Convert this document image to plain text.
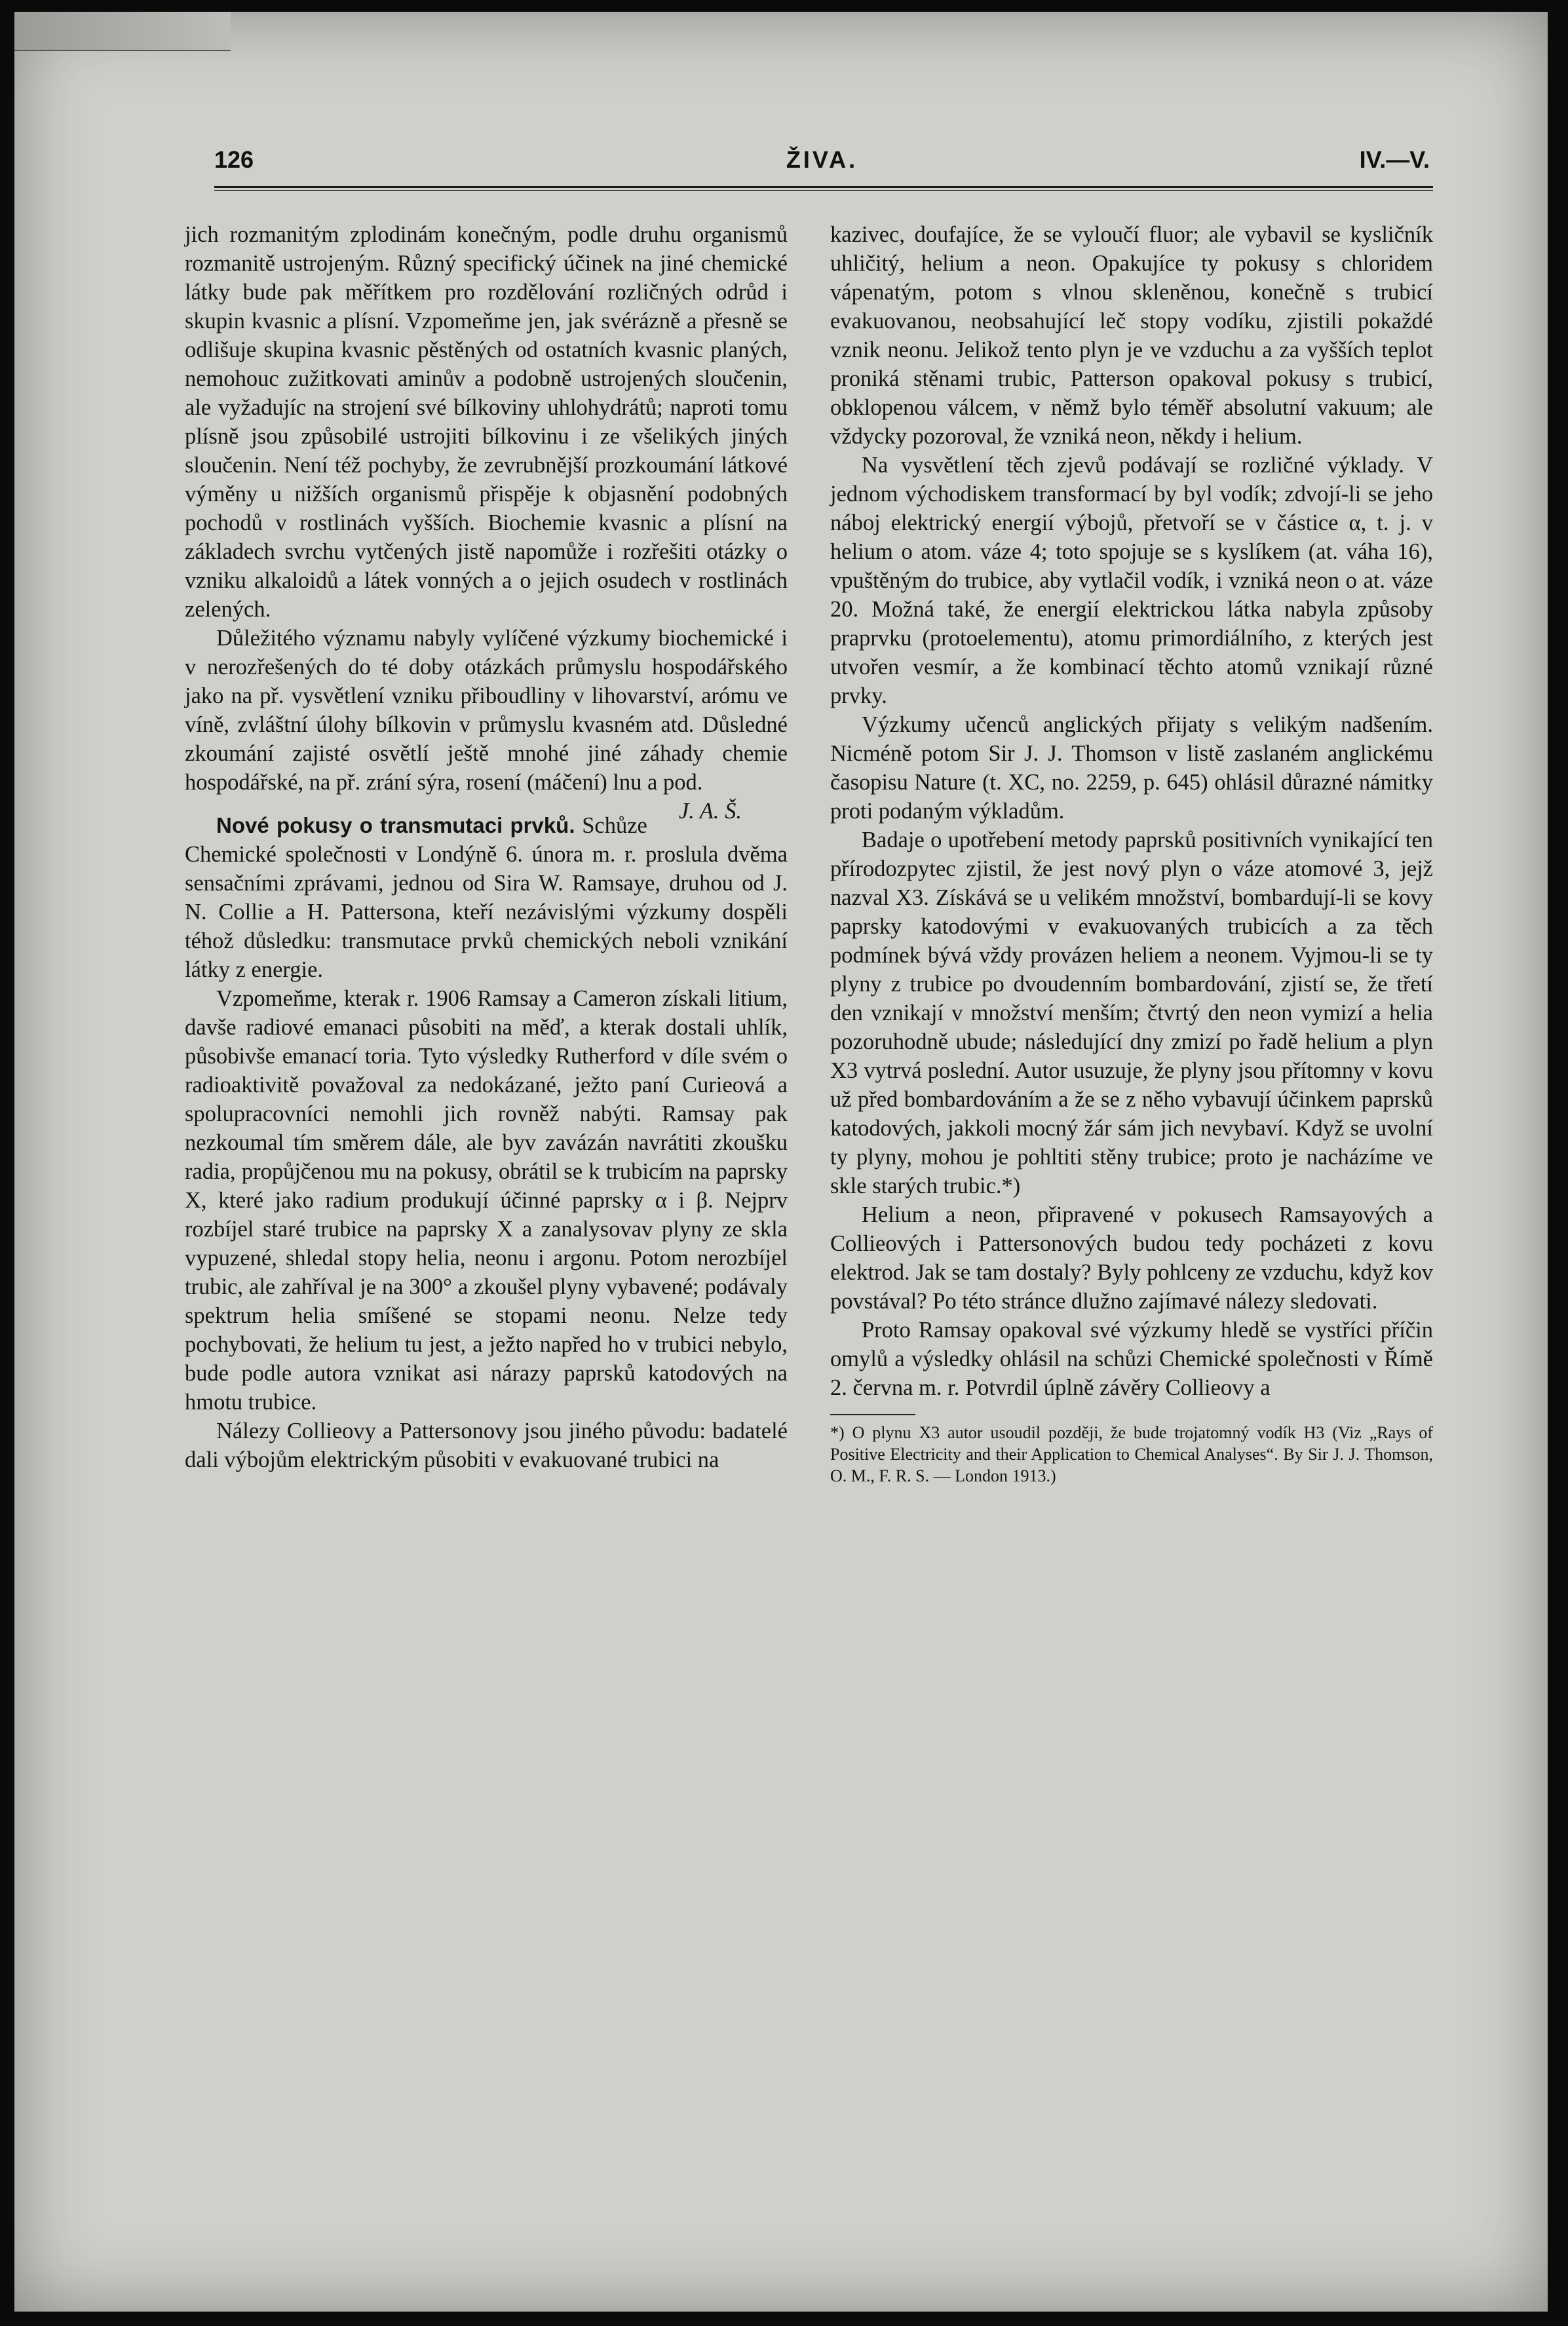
126	ŽIVA.	IV.—V.

jich rozmanitým zplodinám konečným, podle druhu organismů rozmanitě ustrojeným. Různý specifický účinek na jiné chemické látky bude pak měřítkem pro rozdělování rozličných odrůd i skupin kvasnic a plísní. Vzpomeňme jen, jak svérázně a přesně se odlišuje skupina kvasnic pěstěných od ostatních kvasnic planých, nemohouc zužitkovati aminův a podobně ustrojených sloučenin, ale vyžadujíc na strojení své bílkoviny uhlohydrátů; naproti tomu plísně jsou způsobilé ustrojiti bílkovinu i ze všelikých jiných sloučenin. Není též pochyby, že zevrubnější prozkoumání látkové výměny u nižších organismů přispěje k objasnění podobných pochodů v rostlinách vyšších. Biochemie kvasnic a plísní na základech svrchu vytčených jistě napomůže i rozřešiti otázky o vzniku alkaloidů a látek vonných a o jejich osudech v rostlinách zelených.

Důležitého významu nabyly vylíčené výzkumy biochemické i v nerozřešených do té doby otázkách průmyslu hospodářského jako na př. vysvětlení vzniku přiboudliny v lihovarství, arómu ve víně, zvláštní úlohy bílkovin v průmyslu kvasném atd. Důsledné zkoumání zajisté osvětlí ještě mnohé jiné záhady chemie hospodářské, na př. zrání sýra, rosení (máčení) lnu a pod.
J. A. Š.

Nové pokusy o transmutaci prvků. Schůze Chemické společnosti v Londýně 6. února m. r. proslula dvěma sensačními zprávami, jednou od Sira W. Ramsaye, druhou od J. N. Collie a H. Pattersona, kteří nezávislými výzkumy dospěli téhož důsledku: transmutace prvků chemických neboli vznikání látky z energie.

Vzpomeňme, kterak r. 1906 Ramsay a Cameron získali litium, davše radiové emanaci působiti na měď, a kterak dostali uhlík, působivše emanací toria. Tyto výsledky Rutherford v díle svém o radioaktivitě považoval za nedokázané, ježto paní Curieová a spolupracovníci nemohli jich rovněž nabýti. Ramsay pak nezkoumal tím směrem dále, ale byv zavázán navrátiti zkoušku radia, propůjčenou mu na pokusy, obrátil se k trubicím na paprsky X, které jako radium produkují účinné paprsky α i β. Nejprv rozbíjel staré trubice na paprsky X a zanalysovav plyny ze skla vypuzené, shledal stopy helia, neonu i argonu. Potom nerozbíjel trubic, ale zahříval je na 300° a zkoušel plyny vybavené; podávaly spektrum helia smíšené se stopami neonu. Nelze tedy pochybovati, že helium tu jest, a ježto napřed ho v trubici nebylo, bude podle autora vznikat asi nárazy paprsků katodových na hmotu trubice.

Nálezy Collieovy a Pattersonovy jsou jiného původu: badatelé dali výbojům elektrickým působiti v evakuované trubici na

kazivec, doufajíce, že se vyloučí fluor; ale vybavil se kysličník uhličitý, helium a neon. Opakujíce ty pokusy s chloridem vápenatým, potom s vlnou skleněnou, konečně s trubicí evakuovanou, neobsahující leč stopy vodíku, zjistili pokaždé vznik neonu. Jelikož tento plyn je ve vzduchu a za vyšších teplot proniká stěnami trubic, Patterson opakoval pokusy s trubicí, obklopenou válcem, v němž bylo téměř absolutní vakuum; ale vždycky pozoroval, že vzniká neon, někdy i helium.

Na vysvětlení těch zjevů podávají se rozličné výklady. V jednom východiskem transformací by byl vodík; zdvojí-li se jeho náboj elektrický energií výbojů, přetvoří se v částice α, t. j. v helium o atom. váze 4; toto spojuje se s kyslíkem (at. váha 16), vpuštěným do trubice, aby vytlačil vodík, i vzniká neon o at. váze 20. Možná také, že energií elektrickou látka nabyla způsoby praprvku (protoelementu), atomu primordiálního, z kterých jest utvořen vesmír, a že kombinací těchto atomů vznikají různé prvky.

Výzkumy učenců anglických přijaty s velikým nadšením. Nicméně potom Sir J. J. Thomson v listě zaslaném anglickému časopisu Nature (t. XC, no. 2259, p. 645) ohlásil důrazné námitky proti podaným výkladům.

Badaje o upotřebení metody paprsků positivních vynikající ten přírodozpytec zjistil, že jest nový plyn o váze atomové 3, jejž nazval X3. Získává se u velikém množství, bombardují-li se kovy paprsky katodovými v evakuovaných trubicích a za těch podmínek bývá vždy provázen heliem a neonem. Vyjmou-li se ty plyny z trubice po dvoudenním bombardování, zjistí se, že třetí den vznikají v množství menším; čtvrtý den neon vymizí a helia pozoruhodně ubude; následující dny zmizí po řadě helium a plyn X3 vytrvá poslední. Autor usuzuje, že plyny jsou přítomny v kovu už před bombardováním a že se z něho vybavují účinkem paprsků katodových, jakkoli mocný žár sám jich nevybaví. Když se uvolní ty plyny, mohou je pohltiti stěny trubice; proto je nacházíme ve skle starých trubic.*)

Helium a neon, připravené v pokusech Ramsayových a Collieových i Pattersonových budou tedy pocházeti z kovu elektrod. Jak se tam dostaly? Byly pohlceny ze vzduchu, když kov povstával? Po této stránce dlužno zajímavé nálezy sledovati.

Proto Ramsay opakoval své výzkumy hledě se vystříci příčin omylů a výsledky ohlásil na schůzi Chemické společnosti v Římě 2. června m. r. Potvrdil úplně závěry Collieovy a

*) O plynu X3 autor usoudil později, že bude trojatomný vodík H3 (Viz „Rays of Positive Electricity and their Application to Chemical Analyses“. By Sir J. J. Thomson, O. M., F. R. S. — London 1913.)
